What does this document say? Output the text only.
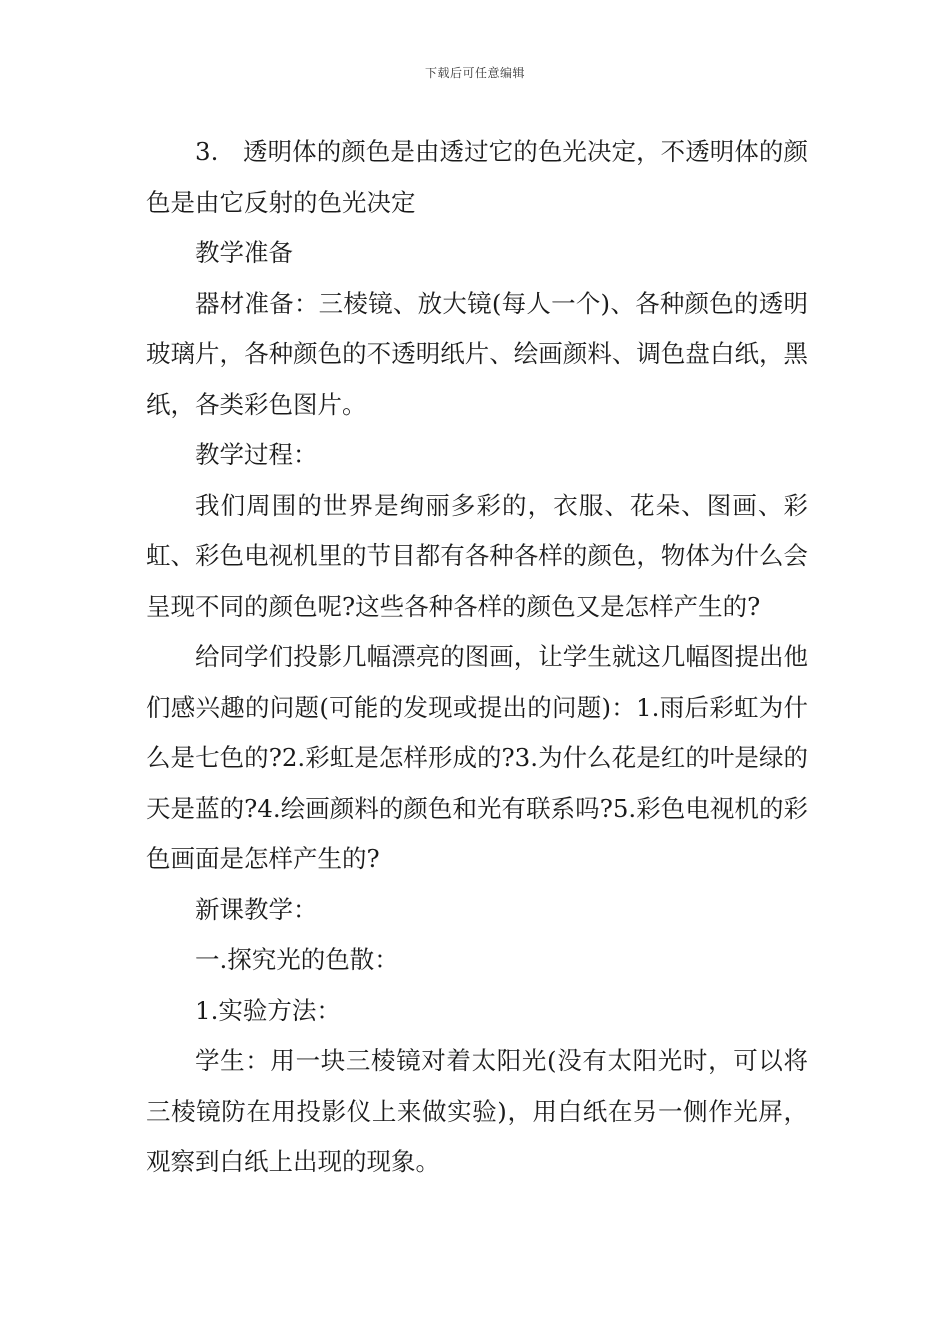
下载后可任意编辑

3.　透明体的颜色是由透过它的色光决定，不透明体的颜色是由它反射的色光决定

教学准备

器材准备：三棱镜、放大镜(每人一个)、各种颜色的透明玻璃片，各种颜色的不透明纸片、绘画颜料、调色盘白纸，黑纸，各类彩色图片。

教学过程：

我们周围的世界是绚丽多彩的，衣服、花朵、图画、彩虹、彩色电视机里的节目都有各种各样的颜色，物体为什么会呈现不同的颜色呢?这些各种各样的颜色又是怎样产生的?

给同学们投影几幅漂亮的图画，让学生就这几幅图提出他们感兴趣的问题(可能的发现或提出的问题)：1.雨后彩虹为什么是七色的?2.彩虹是怎样形成的?3.为什么花是红的叶是绿的天是蓝的?4.绘画颜料的颜色和光有联系吗?5.彩色电视机的彩色画面是怎样产生的?

新课教学：

一.探究光的色散：

1.实验方法：

学生：用一块三棱镜对着太阳光(没有太阳光时，可以将三棱镜防在用投影仪上来做实验)，用白纸在另一侧作光屏，观察到白纸上出现的现象。
